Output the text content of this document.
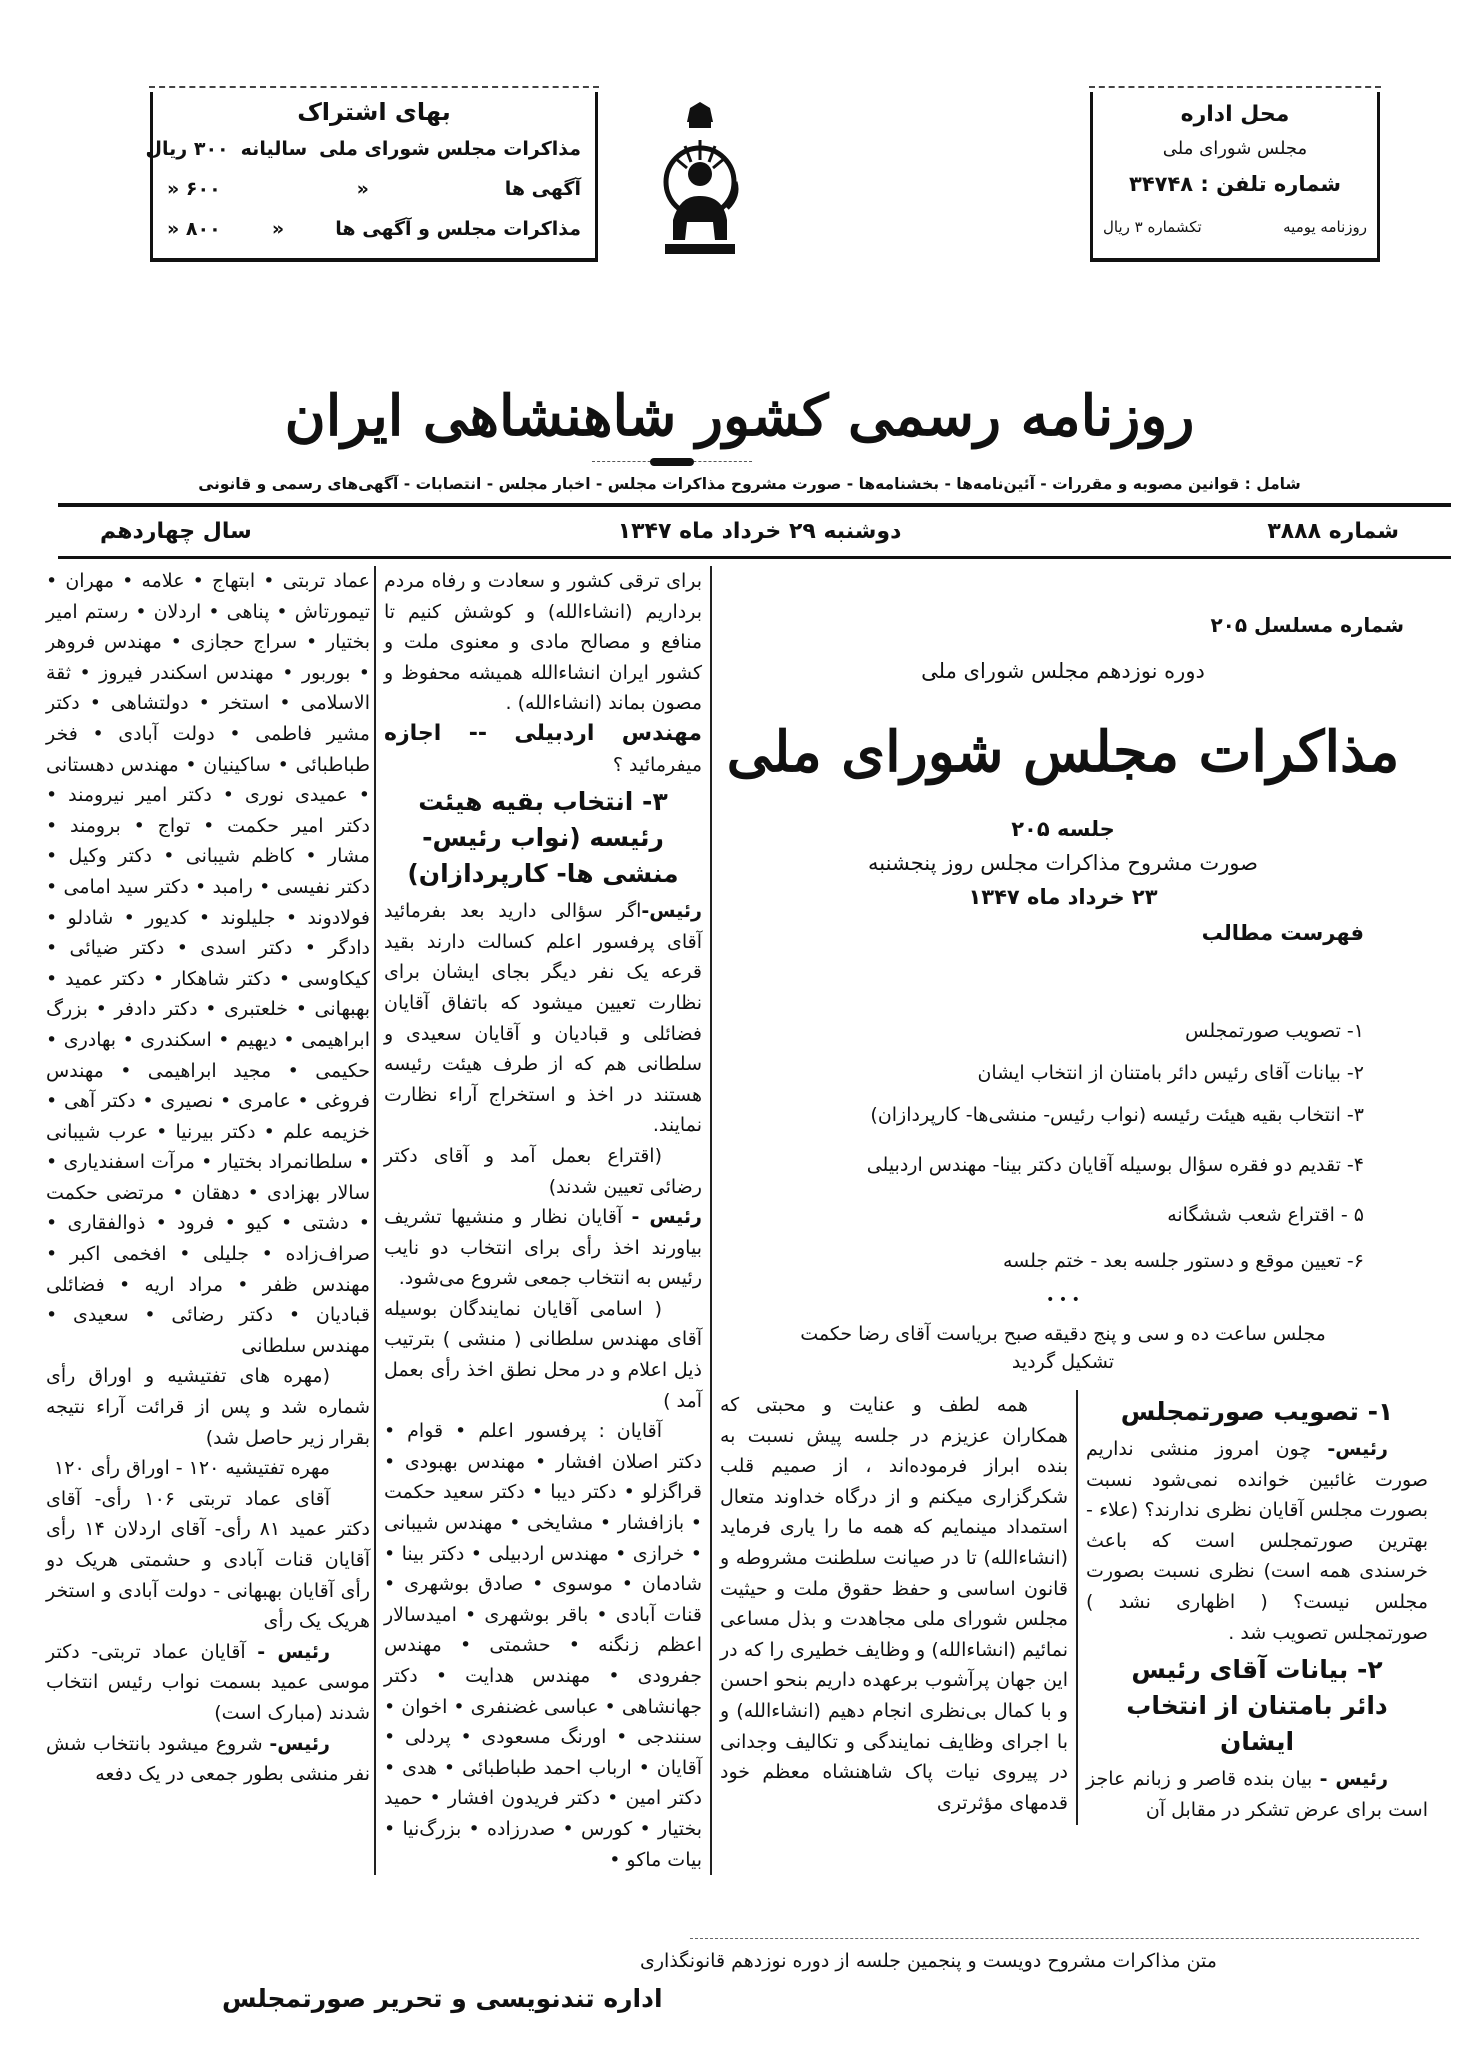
بهای اشتراک
مذاکرات مجلس شورای ملی
سالیانه
۳۰۰ ریال
آگهی ها
«
۶۰۰ «
مذاکرات مجلس و آگهی ها
«
۸۰۰ «
محل اداره
مجلس شورای ملی
شماره تلفن : ۳۴۷۴۸
روزنامه یومیه
تکشماره ۳ ریال
روزنامه رسمی کشور شاهنشاهی ایران
شامل : قوانین مصوبه و مقررات - آئین‌نامه‌ها - بخشنامه‌ها - صورت مشروح مذاکرات مجلس - اخبار مجلس - انتصابات - آگهی‌های رسمی و قانونی
شماره ۳۸۸۸
دوشنبه ۲۹ خرداد ماه ۱۳۴۷
سال چهاردهم
شماره مسلسل ۲۰۵
دوره نوزدهم مجلس شورای ملی
مذاکرات مجلس شورای ملی
جلسه ۲۰۵
صورت مشروح مذاکرات مجلس روز پنجشنبه
۲۳ خرداد ماه ۱۳۴۷
فهرست مطالب

۱- تصویب صورتمجلس

۲- بیانات آقای رئیس دائر بامتنان از انتخاب ایشان

۳- انتخاب بقیه هیئت رئیسه (نواب رئیس- منشی‌ها- کارپردازان)

۴- تقدیم دو فقره سؤال بوسیله آقایان دکتر بینا- مهندس اردبیلی

۵ - اقتراع شعب ششگانه

۶- تعیین موقع و دستور جلسه بعد - ختم جلسه

• • •
مجلس ساعت ده و سی و پنج دقیقه صبح بریاست آقای رضا حکمت تشکیل گردید
۱- تصویب صورتمجلس

رئیس- چون امروز منشی نداریم صورت غائبین خوانده نمی‌شود نسبت بصورت مجلس آقایان نظری ندارند؟ (علاء - بهترین صورتمجلس است که باعث خرسندی همه است) نظری نسبت بصورت مجلس نیست؟ ( اظهاری نشد ) صورتمجلس تصویب شد .

۲- بیانات آقای رئیس دائر بامتنان از انتخاب ایشان

رئیس - بیان بنده قاصر و زبانم عاجز است برای عرض تشکر در مقابل آن

همه لطف و عنایت و محبتی که همکاران عزیزم در جلسه پیش نسبت به بنده ابراز فرموده‌اند ، از صمیم قلب شکرگزاری میکنم و از درگاه خداوند متعال استمداد مینمایم که همه ما را یاری فرماید (انشاءالله) تا در صیانت سلطنت مشروطه و قانون اساسی و حفظ حقوق ملت و حیثیت مجلس شورای ملی مجاهدت و بذل مساعی نمائیم (انشاءالله) و وظایف خطیری را که در این جهان پرآشوب برعهده داریم بنحو احسن و با کمال بی‌نظری انجام دهیم (انشاءالله) و با اجرای وظایف نمایندگی و تکالیف وجدانی در پیروی نیات پاک شاهنشاه معظم خود قدمهای مؤثرتری

برای ترقی کشور و سعادت و رفاه مردم برداریم (انشاءالله) و کوشش کنیم تا منافع و مصالح مادی و معنوی ملت و کشور ایران انشاءالله همیشه محفوظ و مصون بماند (انشاءالله) .

مهندس اردبیلی -- اجازه میفرمائید ؟

۳- انتخاب بقیه هیئت رئیسه (نواب رئیس- منشی ها- کارپردازان)

رئیس-اگر سؤالی دارید بعد بفرمائید آقای پرفسور اعلم کسالت دارند بقید قرعه یک نفر دیگر بجای ایشان برای نظارت تعیین میشود که باتفاق آقایان فضائلی و قبادیان و آقایان سعیدی و سلطانی هم که از طرف هیئت رئیسه هستند در اخذ و استخراج آراء نظارت نمایند.

(اقتراع بعمل آمد و آقای دکتر رضائی تعیین شدند)

رئیس - آقایان نظار و منشیها تشریف بیاورند اخذ رأی برای انتخاب دو نایب رئیس به انتخاب جمعی شروع می‌شود.

( اسامی آقایان نمایندگان بوسیله آقای مهندس سلطانی ( منشی ) بترتیب ذیل اعلام و در محل نطق اخذ رأی بعمل آمد )

آقایان : پرفسور اعلم • قوام • دکتر اصلان افشار • مهندس بهبودی • قراگزلو • دکتر دیبا • دکتر سعید حکمت • بازافشار • مشایخی • مهندس شیبانی • خرازی • مهندس اردبیلی • دکتر بینا • شادمان • موسوی • صادق بوشهری • قنات آبادی • باقر بوشهری • امیدسالار اعظم زنگنه • حشمتی • مهندس جفرودی • مهندس هدایت • دکتر جهانشاهی • عباسی غضنفری • اخوان • سنندجی • اورنگ مسعودی • پردلی • آقایان • ارباب احمد طباطبائی • هدی • دکتر امین • دکتر فریدون افشار • حمید بختیار • کورس • صدرزاده • بزرگ‌نیا • بیات ماکو •

عماد تربتی • ابتهاج • علامه • مهران • تیمورتاش • پناهی • اردلان • رستم امیر بختیار • سراج حجازی • مهندس فروهر • بوربور • مهندس اسکندر فیروز • ثقة الاسلامی • استخر • دولتشاهی • دکتر مشیر فاطمی • دولت آبادی • فخر طباطبائی • ساکینیان • مهندس دهستانی • عمیدی نوری • دکتر امیر نیرومند • دکتر امیر حکمت • تواج • برومند • مشار • کاظم شیبانی • دکتر وکیل • دکتر نفیسی • رامبد • دکتر سید امامی • فولادوند • جلیلوند • کدیور • شادلو • دادگر • دکتر اسدی • دکتر ضیائی • کیکاوسی • دکتر شاهکار • دکتر عمید • بهبهانی • خلعتبری • دکتر دادفر • بزرگ ابراهیمی • دیهیم • اسکندری • بهادری • حکیمی • مجید ابراهیمی • مهندس فروغی • عامری • نصیری • دکتر آهی • خزیمه علم • دکتر بیرنیا • عرب شیبانی • سلطانمراد بختیار • مرآت اسفندیاری • سالار بهزادی • دهقان • مرتضی حکمت • دشتی • کیو • فرود • ذوالفقاری • صراف‌زاده • جلیلی • افخمی اکبر • مهندس ظفر • مراد اریه • فضائلی قبادیان • دکتر رضائی • سعیدی • مهندس سلطانی

(مهره های تفتیشیه و اوراق رأی شماره شد و پس از قرائت آراء نتیجه بقرار زیر حاصل شد)

مهره تفتیشیه ۱۲۰ - اوراق رأی ۱۲۰

آقای عماد تربتی ۱۰۶ رأی- آقای دکتر عمید ۸۱ رأی- آقای اردلان ۱۴ رأی آقایان قنات آبادی و حشمتی هریک دو رأی آقایان بهبهانی - دولت آبادی و استخر هریک یک رأی

رئیس - آقایان عماد تربتی- دکتر موسی عمید بسمت نواب رئیس انتخاب شدند (مبارک است)

رئیس- شروع میشود بانتخاب شش نفر منشی بطور جمعی در یک دفعه

متن مذاکرات مشروح دویست و پنجمین جلسه از دوره نوزدهم قانونگذاری
اداره تندنویسی و تحریر صورتمجلس
